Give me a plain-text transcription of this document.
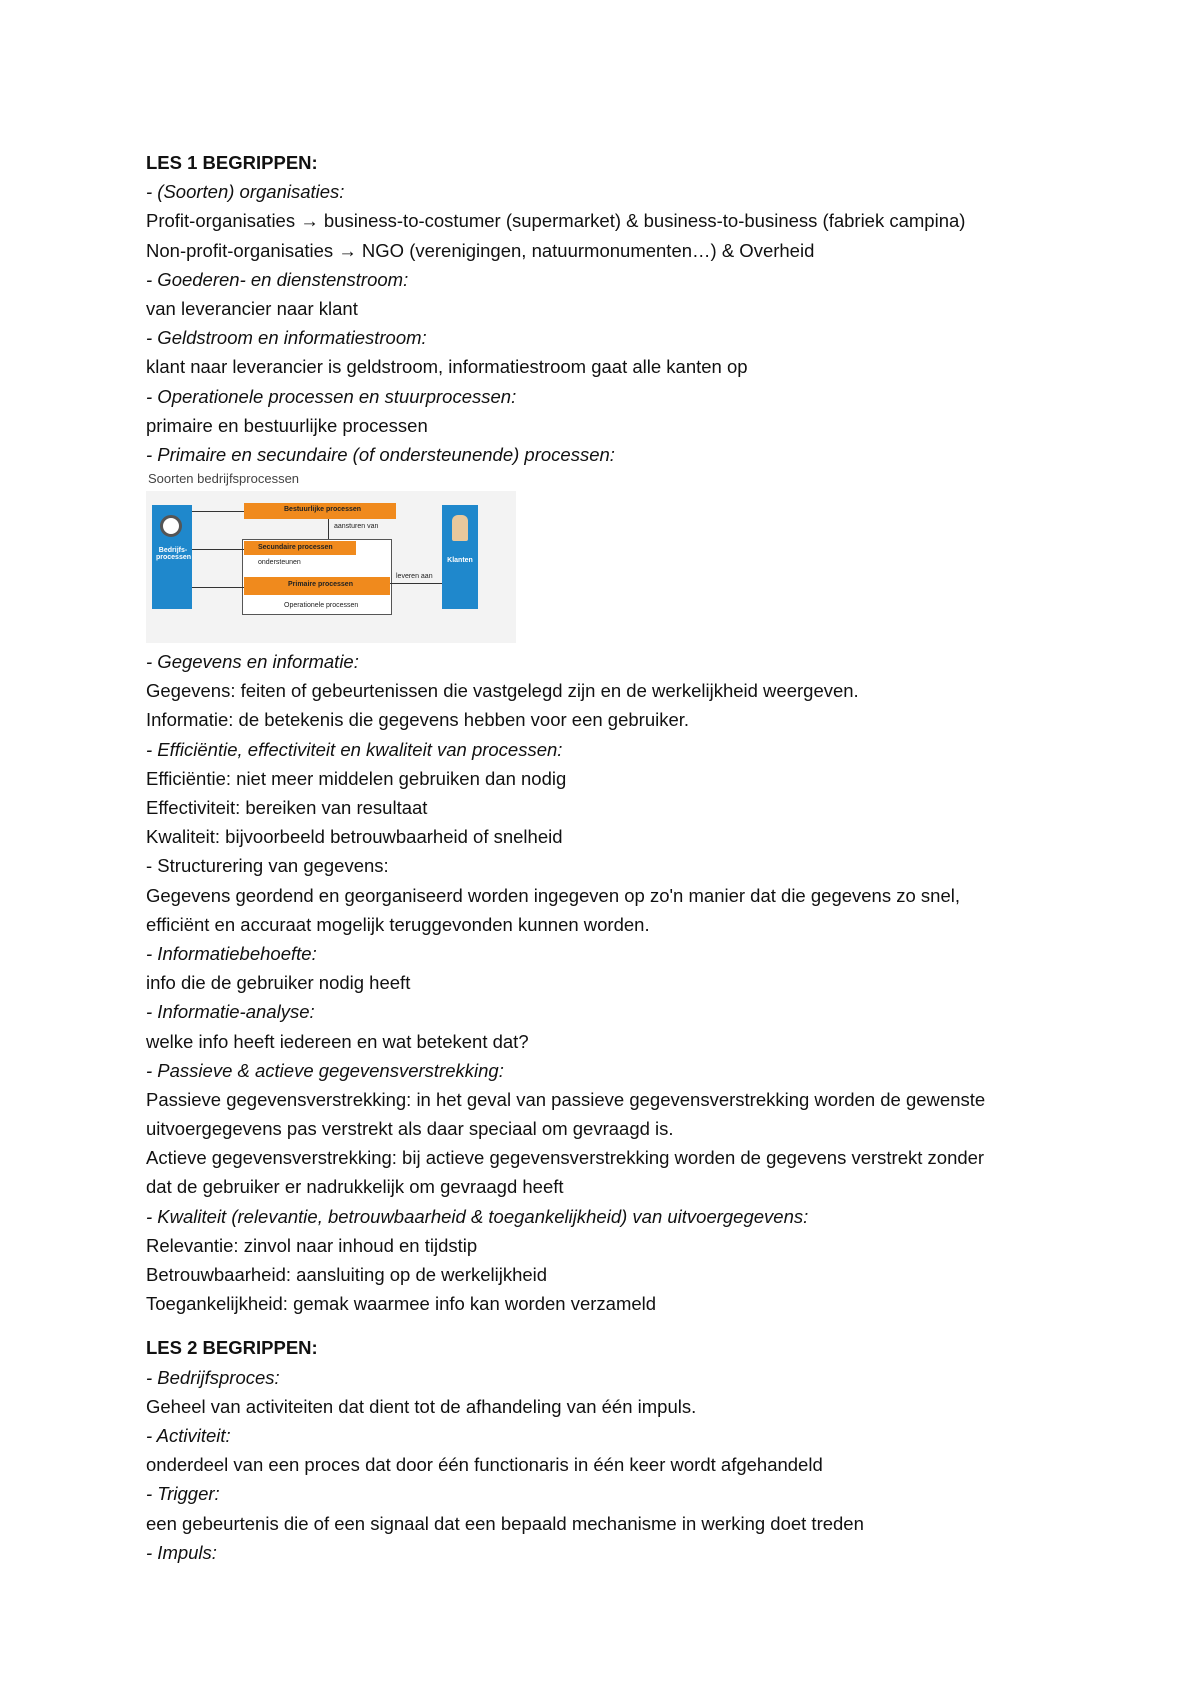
LES 1 BEGRIPPEN:
- (Soorten) organisaties:
Profit-organisaties → business-to-costumer (supermarket) & business-to-business (fabriek campina)
Non-profit-organisaties → NGO (verenigingen, natuurmonumenten…) & Overheid
- Goederen- en dienstenstroom:
van leverancier naar klant
- Geldstroom en informatiestroom:
klant naar leverancier is geldstroom, informatiestroom gaat alle kanten op
- Operationele processen en stuurprocessen:
primaire en bestuurlijke processen
- Primaire en secundaire (of ondersteunende) processen:
Soorten bedrijfsprocessen
Bedrijfs-processen	Klanten
Bestuurlijke processen
aansturen van
Secundaire processen
ondersteunen
Primaire processen
Operationele processen
leveren aan
- Gegevens en informatie:
Gegevens: feiten of gebeurtenissen die vastgelegd zijn en de werkelijkheid weergeven.
Informatie: de betekenis die gegevens hebben voor een gebruiker.
- Efficiëntie, effectiviteit en kwaliteit van processen:
Efficiëntie: niet meer middelen gebruiken dan nodig
Effectiviteit: bereiken van resultaat
Kwaliteit: bijvoorbeeld betrouwbaarheid of snelheid
- Structurering van gegevens:
Gegevens geordend en georganiseerd worden ingegeven op zo'n manier dat die gegevens zo snel,
efficiënt en accuraat mogelijk teruggevonden kunnen worden.
- Informatiebehoefte:
info die de gebruiker nodig heeft
- Informatie-analyse:
welke info heeft iedereen en wat betekent dat?
- Passieve & actieve gegevensverstrekking:
Passieve gegevensverstrekking: in het geval van passieve gegevensverstrekking worden de gewenste
uitvoergegevens pas verstrekt als daar speciaal om gevraagd is.
Actieve gegevensverstrekking: bij actieve gegevensverstrekking worden de gegevens verstrekt zonder
dat de gebruiker er nadrukkelijk om gevraagd heeft
- Kwaliteit (relevantie, betrouwbaarheid & toegankelijkheid) van uitvoergegevens:
Relevantie: zinvol naar inhoud en tijdstip
Betrouwbaarheid: aansluiting op de werkelijkheid
Toegankelijkheid: gemak waarmee info kan worden verzameld
LES 2 BEGRIPPEN:
- Bedrijfsproces:
Geheel van activiteiten dat dient tot de afhandeling van één impuls.
- Activiteit:
onderdeel van een proces dat door één functionaris in één keer wordt afgehandeld
- Trigger:
een gebeurtenis die of een signaal dat een bepaald mechanisme in werking doet treden
- Impuls:
